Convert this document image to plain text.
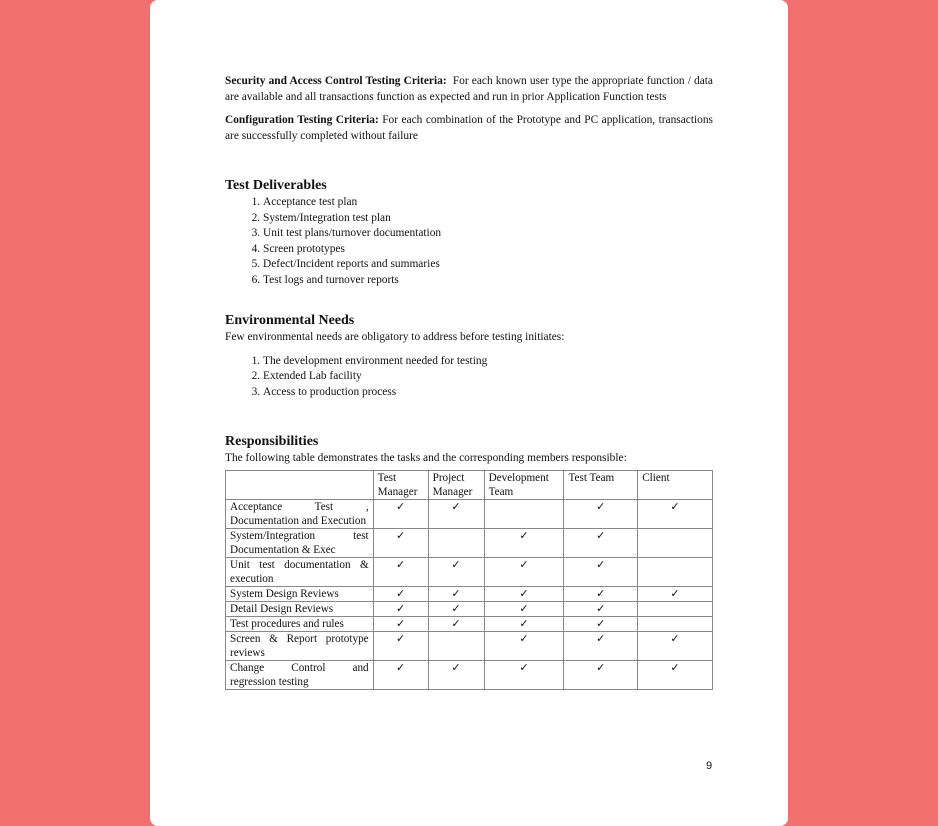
Security and Access Control Testing Criteria: For each known user type the appropriate function / data are available and all transactions function as expected and run in prior Application Function tests

Configuration Testing Criteria: For each combination of the Prototype and PC application, transactions are successfully completed without failure

Test Deliverables
1. Acceptance test plan
2. System/Integration test plan
3. Unit test plans/turnover documentation
4. Screen prototypes
5. Defect/Incident reports and summaries
6. Test logs and turnover reports
Environmental Needs

Few environmental needs are obligatory to address before testing initiates:

1. The development environment needed for testing
2. Extended Lab facility
3. Access to production process
Responsibilities

The following table demonstrates the tasks and the corresponding members responsible:

	Test Manager	Project Manager	Development Team	Test Team	Client
Acceptance Test , Documentation and Execution	✓	✓		✓	✓
System/Integration test Documentation & Exec	✓		✓	✓	
Unit test documentation & execution	✓	✓	✓	✓	
System Design Reviews	✓	✓	✓	✓	✓
Detail Design Reviews	✓	✓	✓	✓	
Test procedures and rules	✓	✓	✓	✓	
Screen & Report prototype reviews	✓		✓	✓	✓
Change Control and regression testing	✓	✓	✓	✓	✓
9
